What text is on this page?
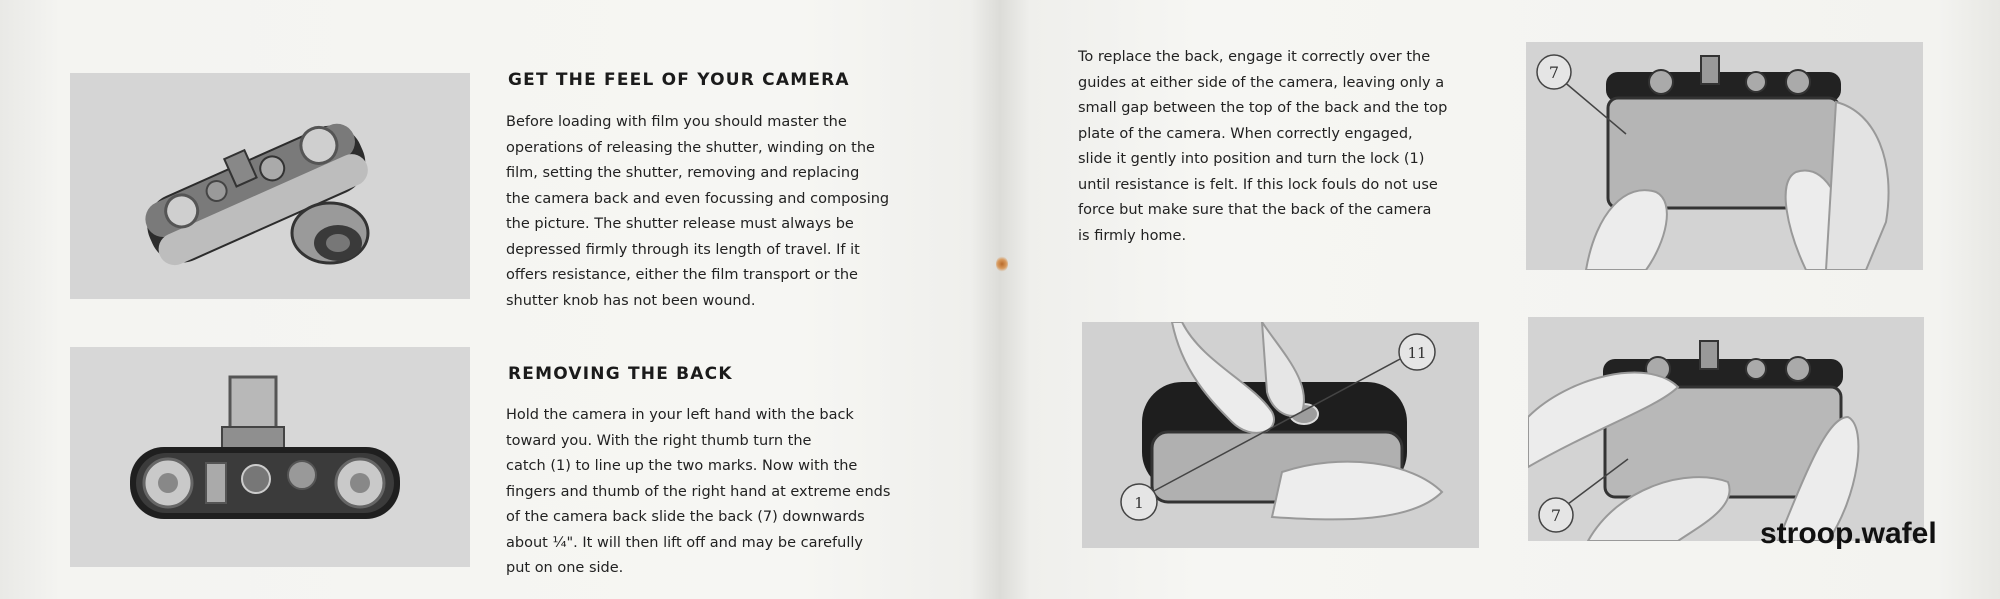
GET THE FEEL OF YOUR CAMERA
Before loading with film you should master the
operations of releasing the shutter, winding on the
film, setting the shutter, removing and replacing
the camera back and even focussing and composing
the picture. The shutter release must always be
depressed firmly through its length of travel. If it
offers resistance, either the film transport or the
shutter knob has not been wound.
REMOVING THE BACK
Hold the camera in your left hand with the back
toward you. With the right thumb turn the
catch (1) to line up the two marks. Now with the
fingers and thumb of the right hand at extreme ends
of the camera back slide the back (7) downwards
about ¼". It will then lift off and may be carefully
put on one side.
To replace the back, engage it correctly over the
guides at either side of the camera, leaving only a
small gap between the top of the back and the top
plate of the camera. When correctly engaged,
slide it gently into position and turn the lock (1)
until resistance is felt. If this lock fouls do not use
force but make sure that the back of the camera
is firmly home.
7
11
1
7
stroop.wafel
